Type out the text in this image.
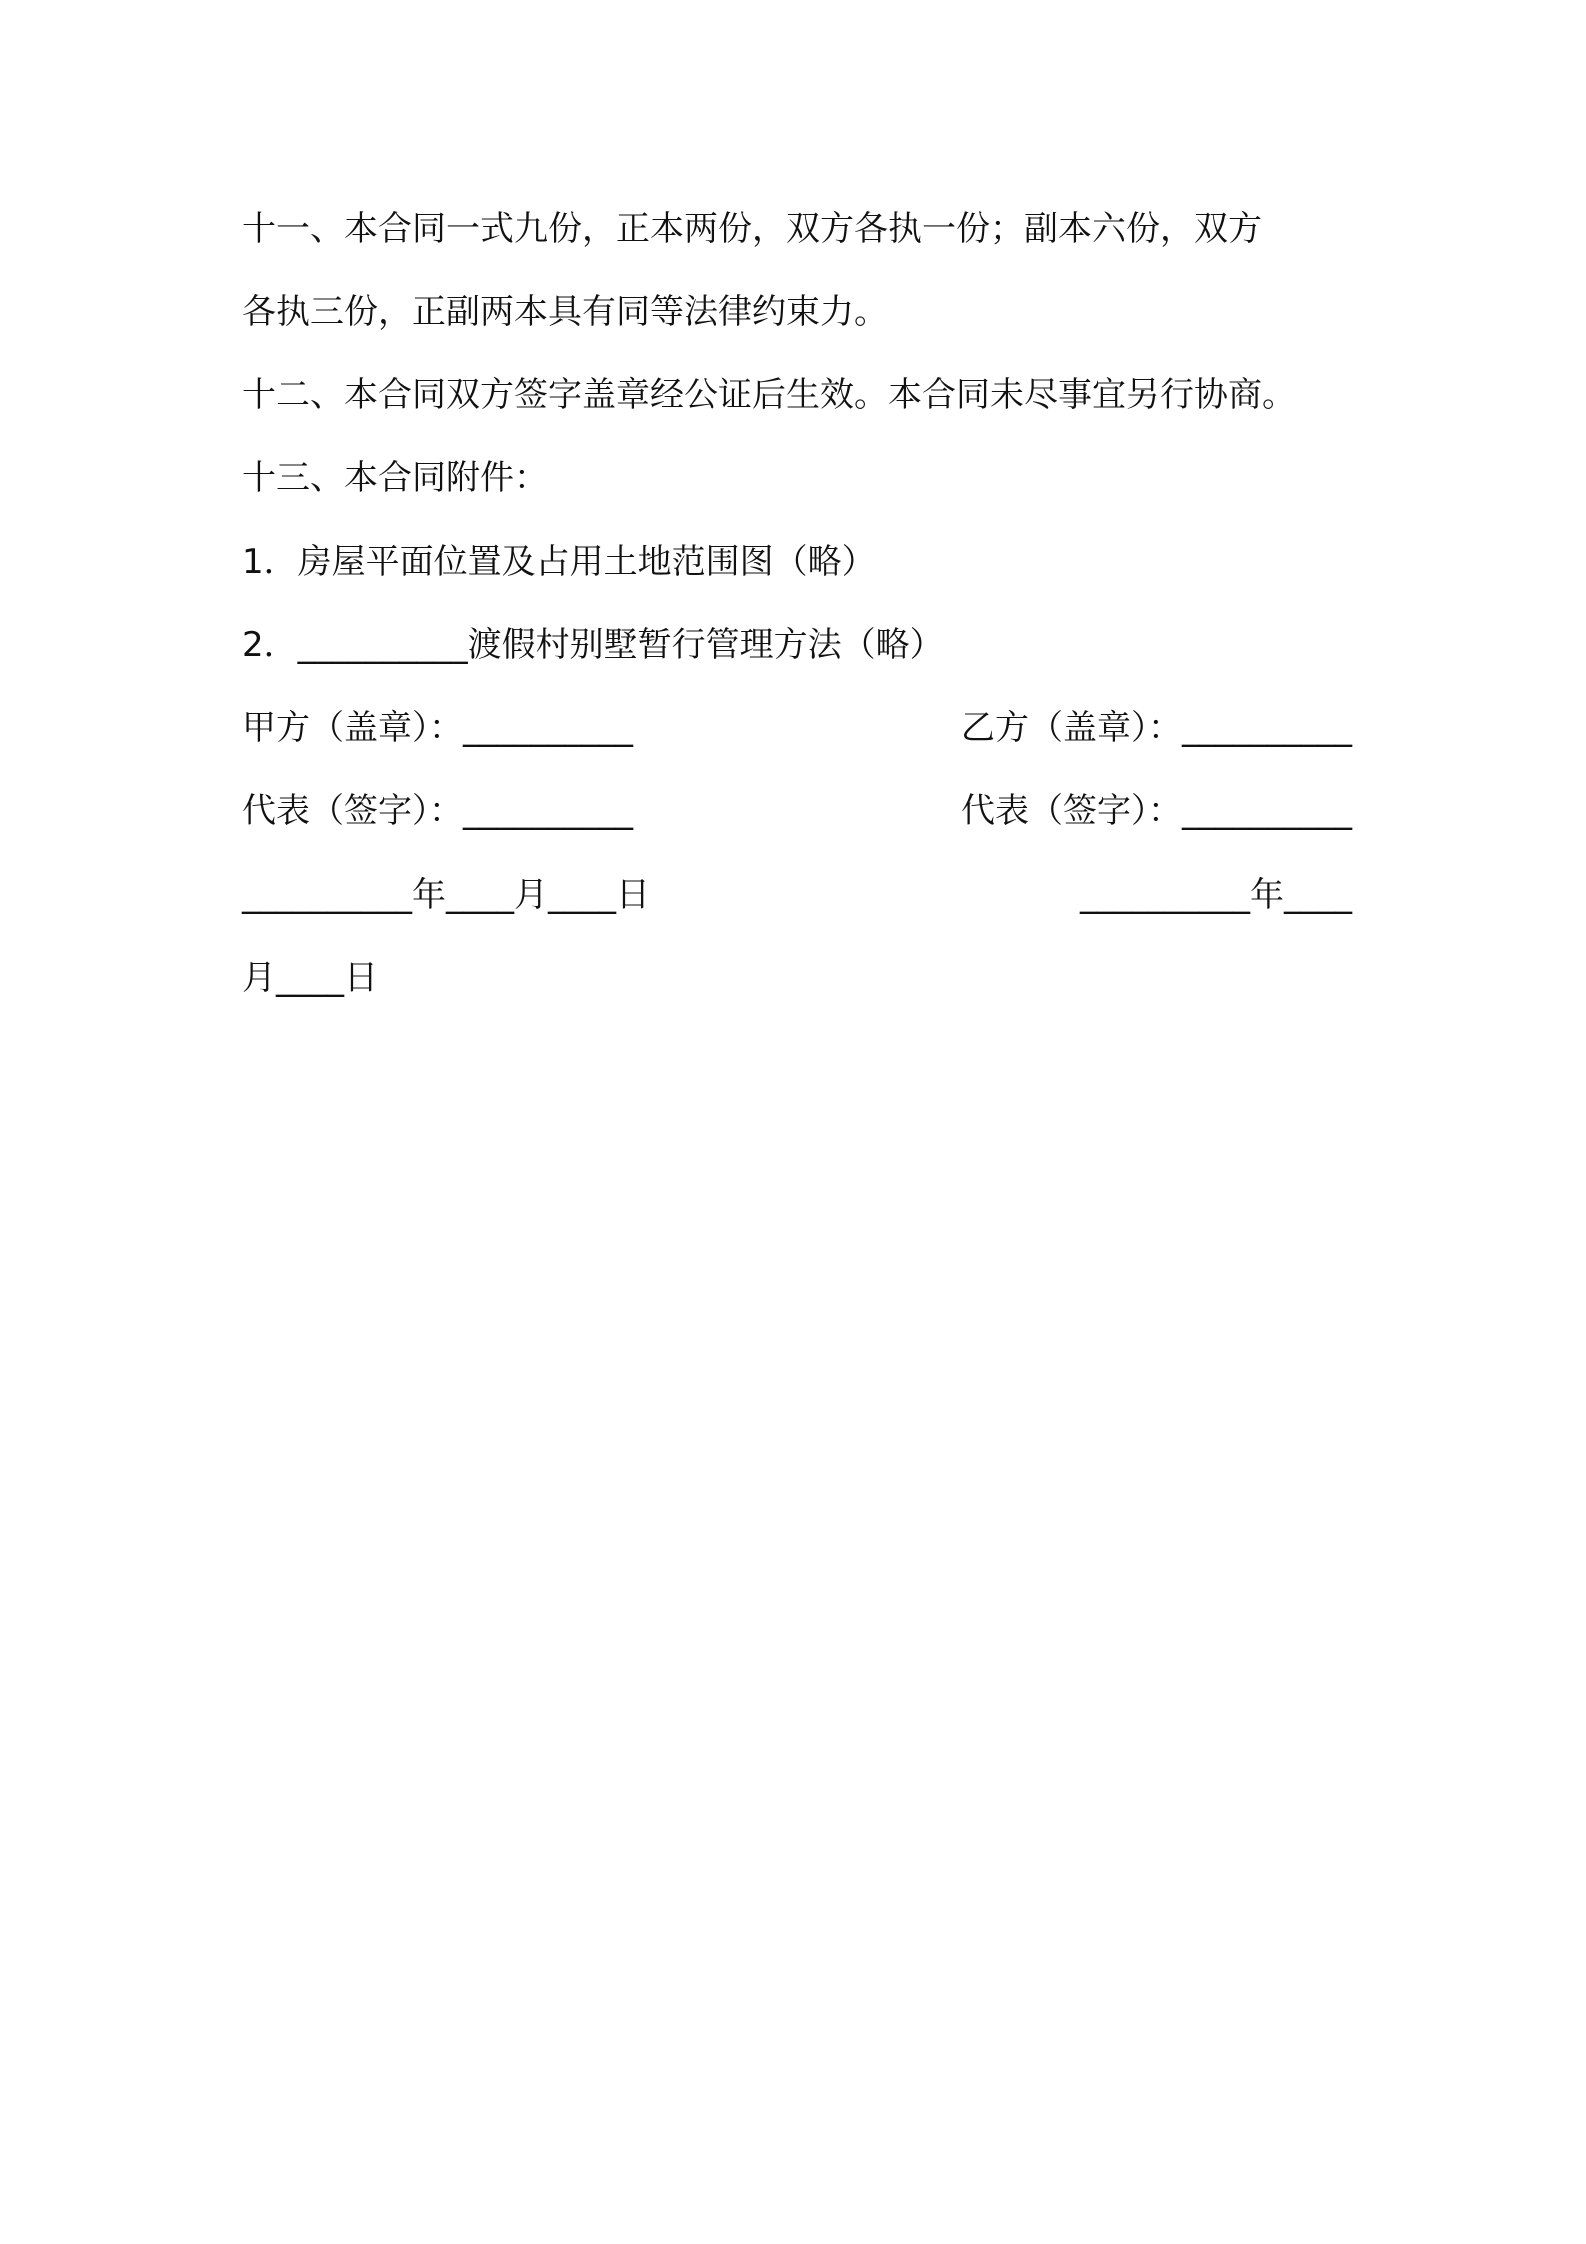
十一、本合同一式九份，正本两份，双方各执一份；副本六份，双方
各执三份，正副两本具有同等法律约束力。
十二、本合同双方签字盖章经公证后生效。本合同未尽事宜另行协商。
十三、本合同附件：
1．房屋平面位置及占用土地范围图（略）
2．__________渡假村别墅暂行管理方法（略）
甲方（盖章）：__________	乙方（盖章）：__________
代表（签字）：__________	代表（签字）：__________
__________年____月____日	__________年____
月____日
